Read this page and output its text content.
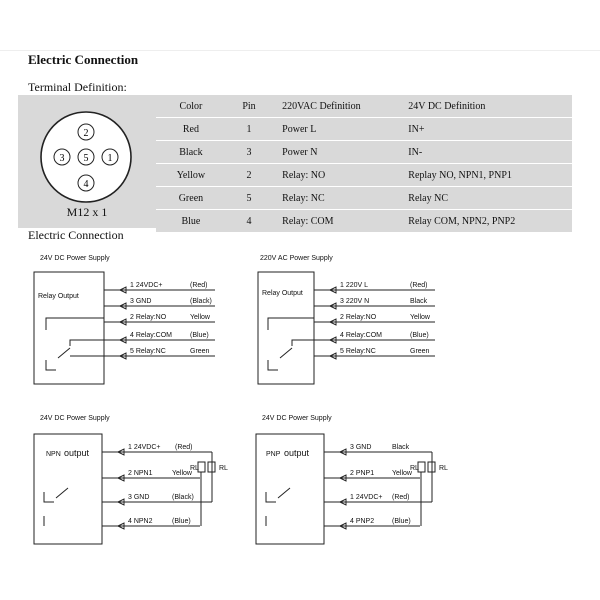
Electric Connection
Terminal Definition:
2
3 5 1
4
M12 x 1
Color	Pin	220VAC Definition	24V DC Definition
Red	1	Power L	IN+
Black	3	Power N	IN-
Yellow	2	Relay: NO	Replay NO, NPN1, PNP1
Green	5	Relay: NC	Relay NC
Blue	4	Relay: COM	Relay COM, NPN2, PNP2
Electric Connection
24V DC Power Supply
Relay Output
1 24VDC+	(Red)
3 GND	(Black)
2 Relay:NO	Yellow
4 Relay:COM	(Blue)
5 Relay:NC	Green
220V AC Power Supply
Relay Output
1 220V L	(Red)
3 220V N	Black
2 Relay:NO	Yellow
4 Relay:COM	(Blue)
5 Relay:NC	Green
24V DC Power Supply
NPN output
1 24VDC+ (Red)
2 NPN1	Yellow
3 GND	(Black)
4 NPN2	(Blue)
RL	RL
24V DC Power Supply
PNP output
3 GND	Black
2 PNP1	Yellow
1 24VDC+ (Red)
4 PNP2	(Blue)
RL	RL
